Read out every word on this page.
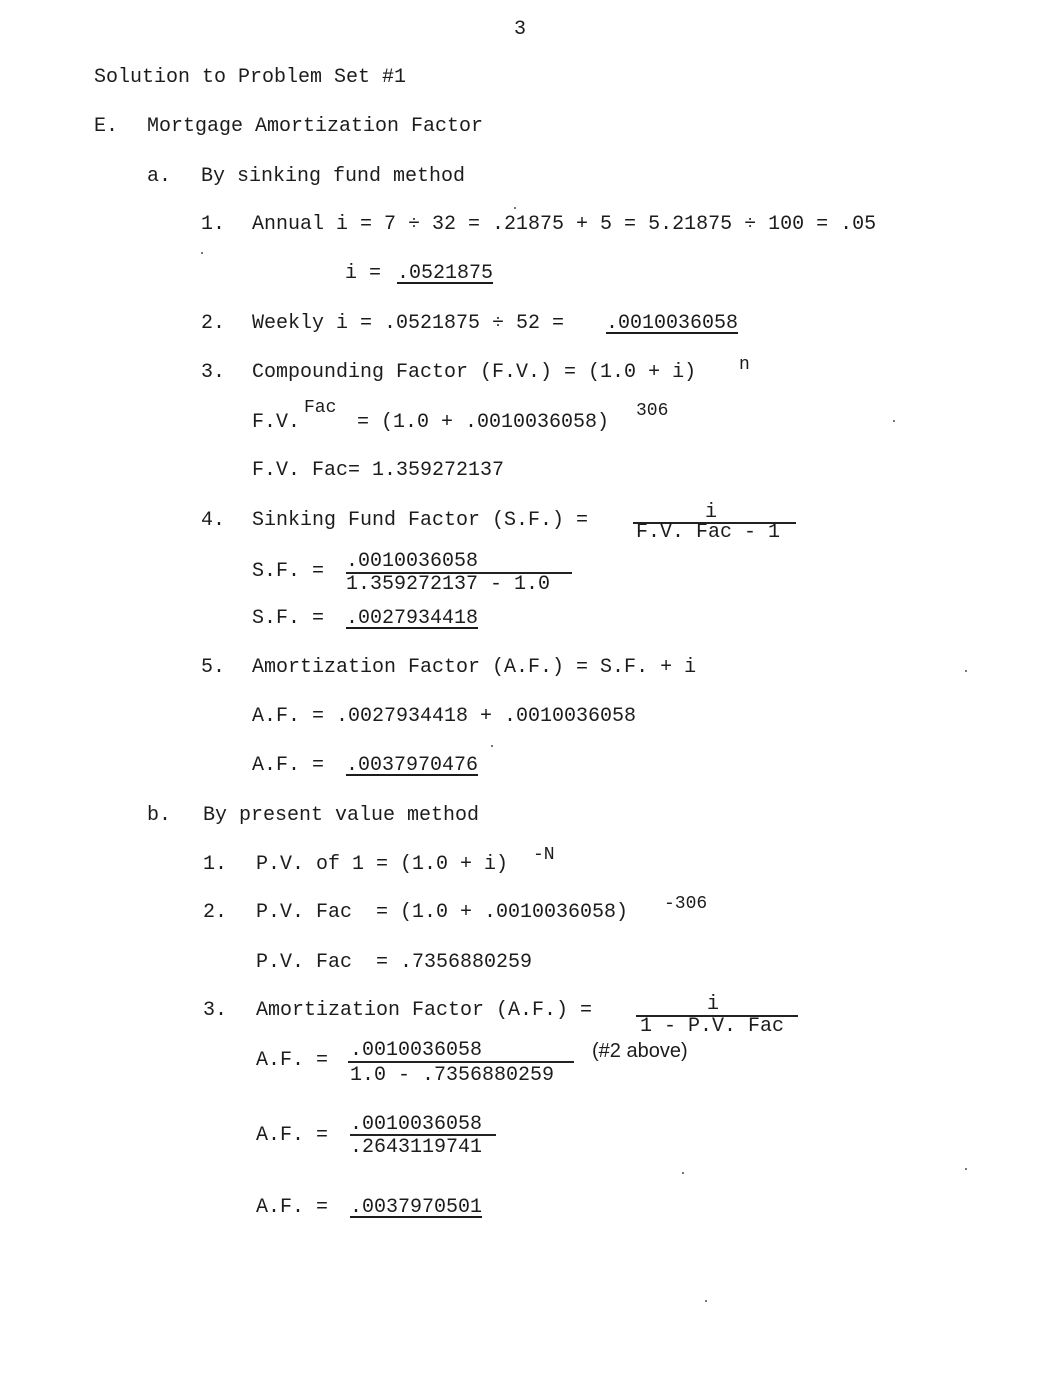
3
Solution to Problem Set #1
E. Mortgage Amortization Factor
a. By sinking fund method
1. Annual i = 7 ÷ 32 = .21875 + 5 = 5.21875 ÷ 100 = .05
i = .0521875
2. Weekly i = .0521875 ÷ 52 = .0010036058
3. Compounding Factor (F.V.) = (1.0 + i) n
F.V.
Fac
= (1.0 + .0010036058) 306
F.V. Fac= 1.359272137
4. Sinking Fund Factor (S.F.) =	i
F.V. Fac - 1
S.F. = .0010036058
1.359272137 - 1.0
S.F. = .0027934418
5. Amortization Factor (A.F.) = S.F. + i
A.F. = .0027934418 + .0010036058
A.F. = .0037970476
b. By present value method
1. P.V. of 1 = (1.0 + i) -N
2. P.V. Fac  = (1.0 + .0010036058) -306
P.V. Fac  = .7356880259
3. Amortization Factor (A.F.) =	i
1 - P.V. Fac
A.F. = .0010036058
1.0 - .7356880259
(#2 above)
A.F. = .0010036058
.2643119741
A.F. = .0037970501
